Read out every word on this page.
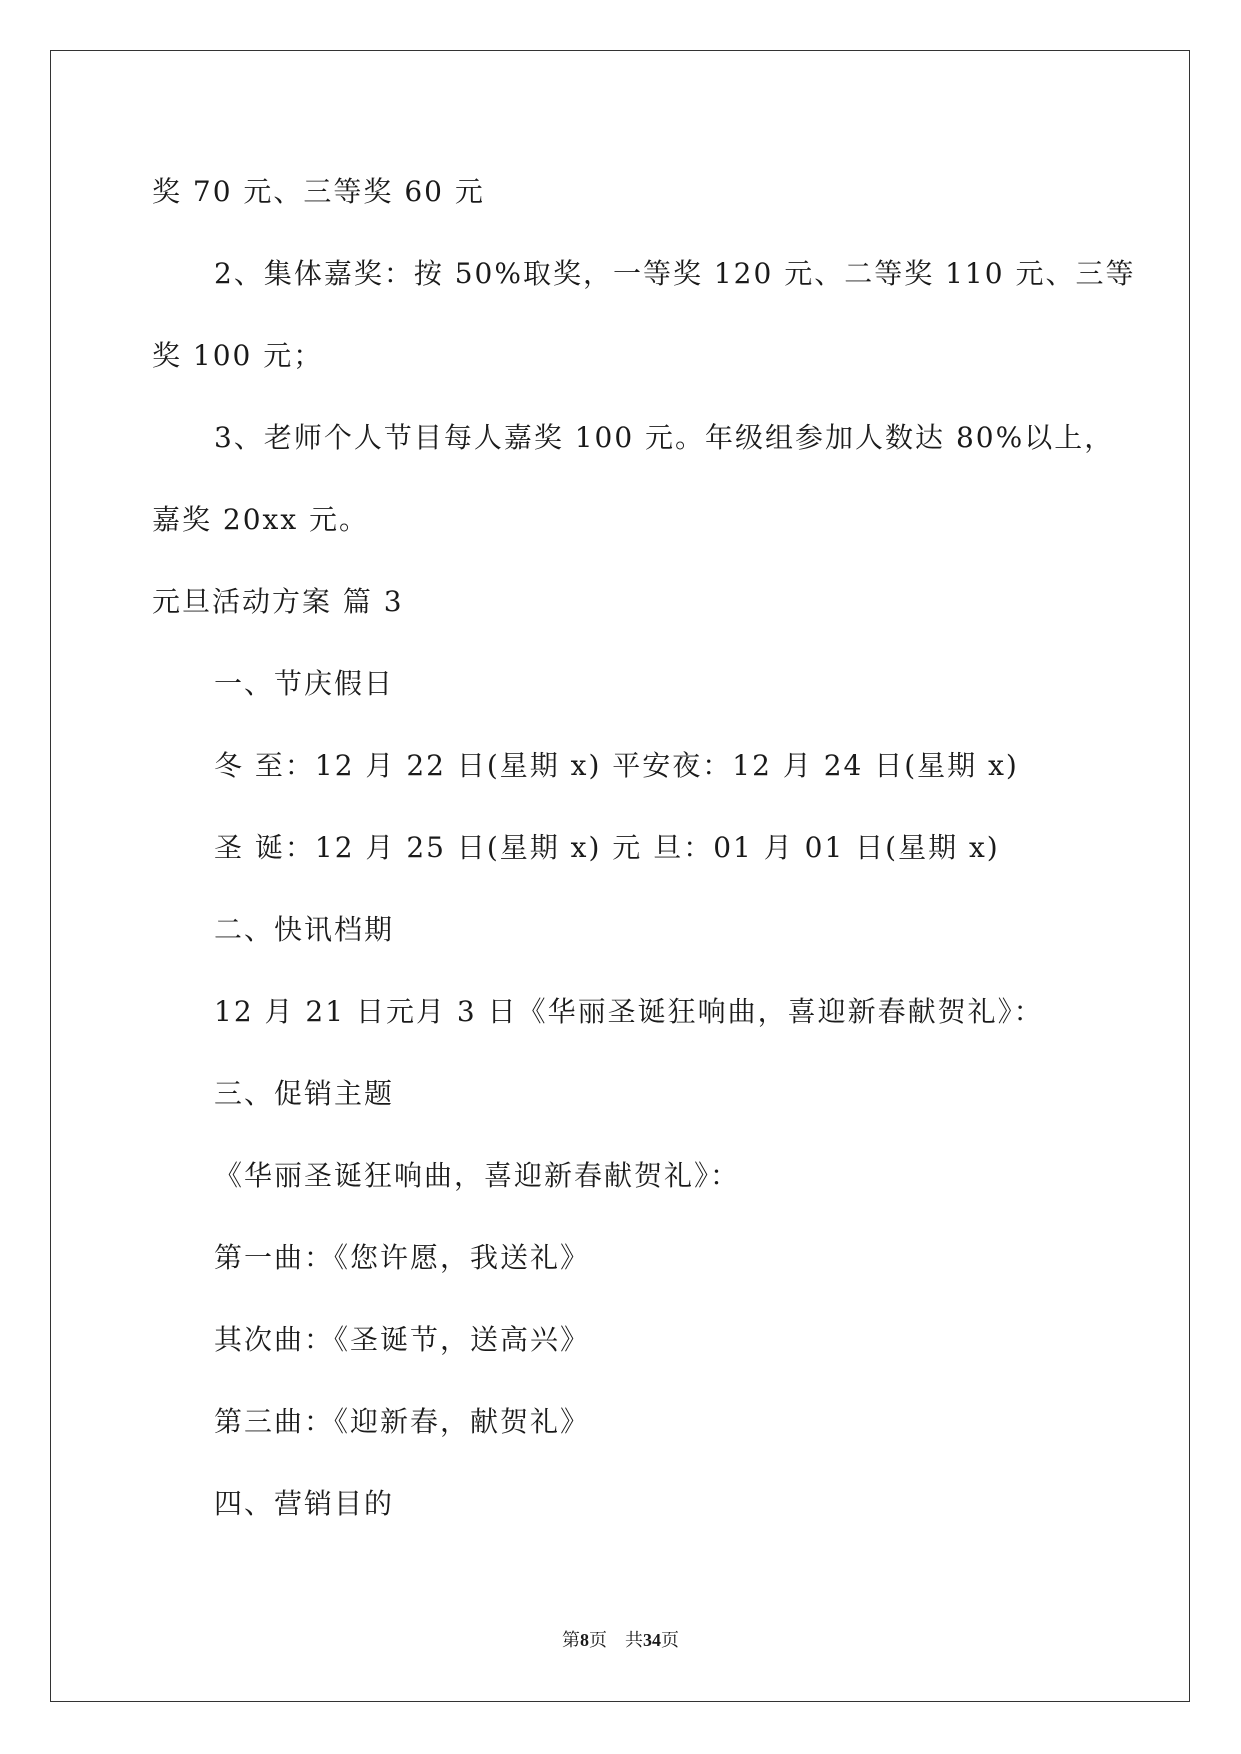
奖 70 元、三等奖 60 元
2、集体嘉奖：按 50%取奖，一等奖 120 元、二等奖 110 元、三等
奖 100 元；
3、老师个人节目每人嘉奖 100 元。年级组参加人数达 80%以上，
嘉奖 20xx 元。
元旦活动方案 篇 3
一、节庆假日
冬 至：12 月 22 日(星期 x) 平安夜：12 月 24 日(星期 x)
圣 诞：12 月 25 日(星期 x) 元 旦：01 月 01 日(星期 x)
二、快讯档期
12 月 21 日元月 3 日《华丽圣诞狂响曲，喜迎新春献贺礼》：
三、促销主题
《华丽圣诞狂响曲，喜迎新春献贺礼》：
第一曲：《您许愿，我送礼》
其次曲：《圣诞节，送高兴》
第三曲：《迎新春，献贺礼》
四、营销目的
第8页 共34页
